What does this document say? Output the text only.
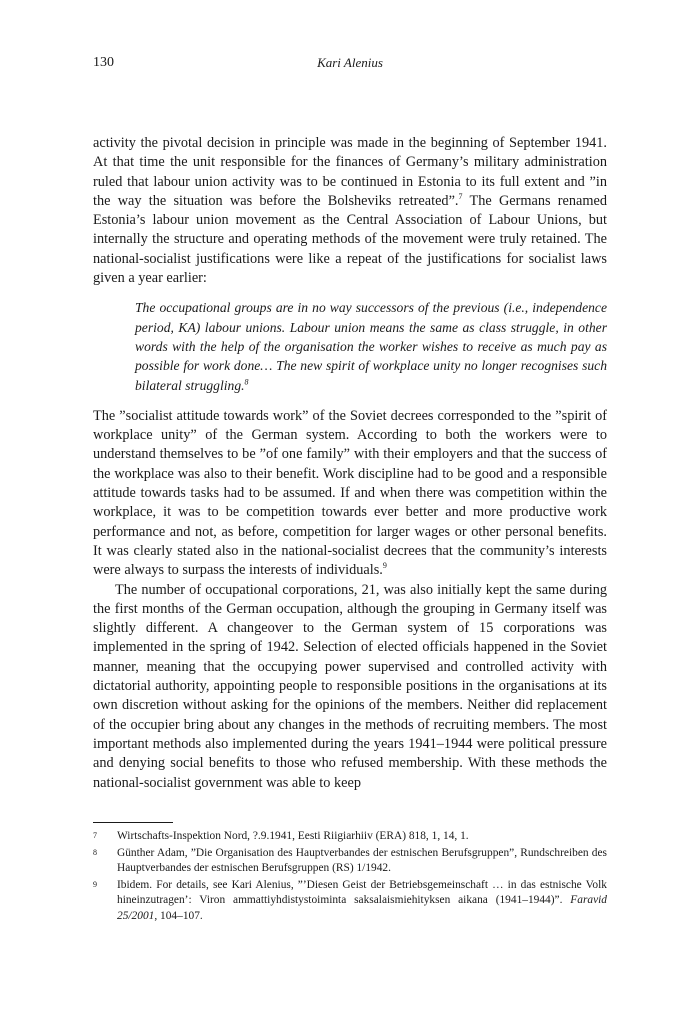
130	Kari Alenius

activity the pivotal decision in principle was made in the beginning of September 1941. At that time the unit responsible for the finances of Germany’s military administration ruled that labour union activity was to be continued in Estonia to its full extent and ”in the way the situation was before the Bolsheviks retreated”.$^7$ The Germans renamed Estonia’s labour union movement as the Central Association of Labour Unions, but internally the structure and operating methods of the movement were truly retained. The national-socialist justifications were like a repeat of the justifications for socialist laws given a year earlier:

The occupational groups are in no way successors of the previous (i.e., independence period, KA) labour unions. Labour union means the same as class struggle, in other words with the help of the organisation the worker wishes to receive as much pay as possible for work done… The new spirit of workplace unity no longer recognises such bilateral struggling.$^8$

The ”socialist attitude towards work” of the Soviet decrees corresponded to the ”spirit of workplace unity” of the German system. According to both the workers were to understand themselves to be ”of one family” with their employers and that the success of the workplace was also to their benefit. Work discipline had to be good and a responsible attitude towards tasks had to be assumed. If and when there was competition within the workplace, it was to be competition towards ever better and more productive work performance and not, as before, competition for larger wages or other personal benefits. It was clearly stated also in the national-socialist decrees that the community’s interests were always to surpass the interests of individuals.$^9$

The number of occupational corporations, 21, was also initially kept the same during the first months of the German occupation, although the grouping in Germany itself was slightly different. A changeover to the German system of 15 corporations was implemented in the spring of 1942. Selection of elected officials happened in the Soviet manner, meaning that the occupying power supervised and controlled activity with dictatorial authority, appointing people to responsible positions in the organisations at its own discretion without asking for the opinions of the members. Neither did replacement of the occupier bring about any changes in the methods of recruiting members. The most important methods also implemented during the years 1941–1944 were political pressure and denying social benefits to those who refused membership. With these methods the national-socialist government was able to keep

7 Wirtschafts-Inspektion Nord, ?.9.1941, Eesti Riigiarhiiv (ERA) 818, 1, 14, 1.
8 Günther Adam, ”Die Organisation des Hauptverbandes der estnischen Berufsgruppen”, Rundschreiben des Hauptverbandes der estnischen Berufsgruppen (RS) 1/1942.
9 Ibidem. For details, see Kari Alenius, ”’Diesen Geist der Betriebsgemeinschaft … in das estnische Volk hineinzutragen’: Viron ammattiyhdistystoiminta saksalaismiehityksen aikana (1941–1944)”. Faravid 25/2001, 104–107.
